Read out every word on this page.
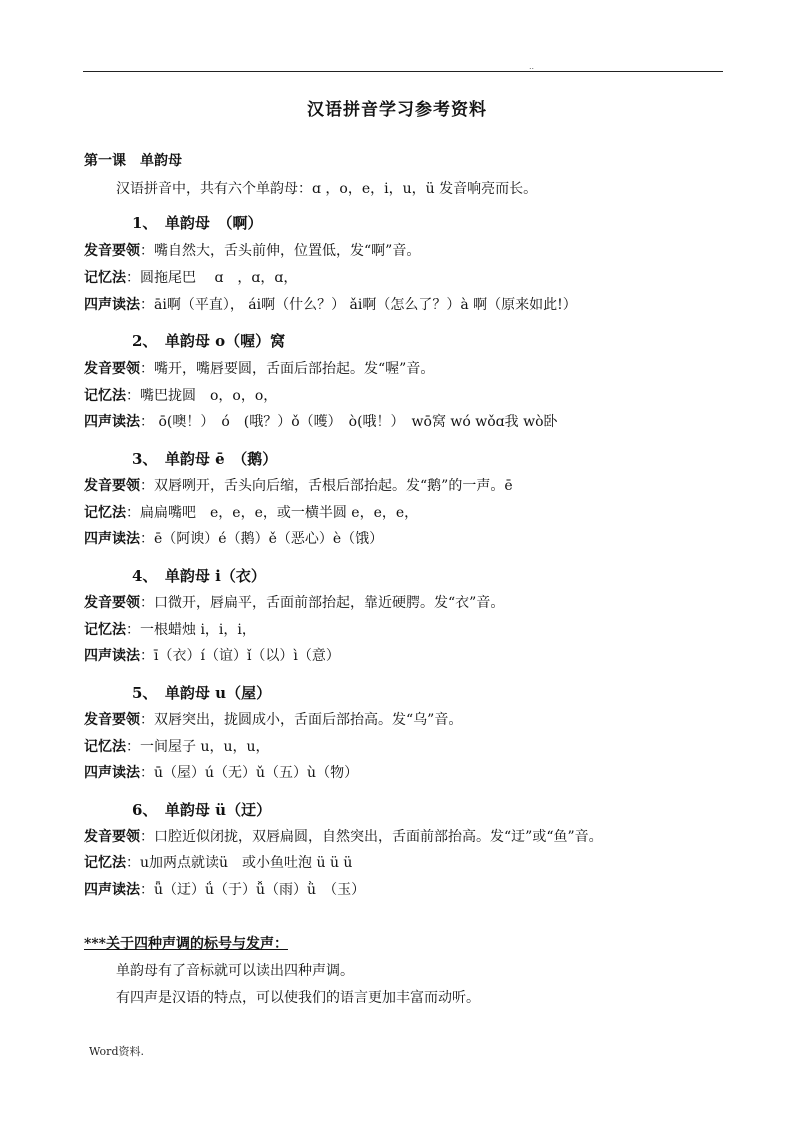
..
汉语拼音学习参考资料
第一课　单韵母
汉语拼音中，共有六个单韵母：ɑ ，o，e，i，u，ü 发音响亮而长。
1、　单韵母　（啊）
发音要领：嘴自然大，舌头前伸，位置低，发“啊”音。
记忆法：圆拖尾巴　 ɑ　，ɑ，ɑ，
四声读法：āi啊（平直）， ái啊（什么？） ǎi啊（怎么了？）à 啊（原来如此!）
2、　单韵母 o（喔）窝
发音要领：嘴开，嘴唇要圆，舌面后部抬起。发“喔”音。
记忆法：嘴巴拢圆　o，o，o，
四声读法： ō(噢！）　ó　(哦？）ǒ（嚄）　ò(哦！）　wō窝 wó wǒɑ我 wò卧
3、　单韵母 ē　（鹅）
发音要领：双唇咧开，舌头向后缩，舌根后部抬起。发“鹅”的一声。ē
记忆法：扁扁嘴吧　e，e，e，或一横半圆 e，e，e，
四声读法：ē（阿谀）é（鹅）ě（恶心）è（饿）
4、　单韵母 i（衣）
发音要领：口微开，唇扁平，舌面前部抬起，靠近硬腭。发“衣”音。
记忆法：一根蜡烛 i，i，i，
四声读法：ī（衣）í（谊）ǐ（以）ì（意）
5、　单韵母 u（屋）
发音要领：双唇突出，拢圆成小，舌面后部抬高。发“乌”音。
记忆法：一间屋子 u，u，u，
四声读法：ū（屋）ú（无）ǔ（五）ù（物）
6、　单韵母 ü（迂）
发音要领：口腔近似闭拢，双唇扁圆，自然突出，舌面前部抬高。发“迂”或“鱼”音。
记忆法：u加两点就读ü　或小鱼吐泡 ü ü ü
四声读法：ǖ（迂）ǘ（于）ǚ（雨）ǜ　（玉）
***关于四种声调的标号与发声：
单韵母有了音标就可以读出四种声调。
有四声是汉语的特点，可以使我们的语言更加丰富而动听。
Word资料.
